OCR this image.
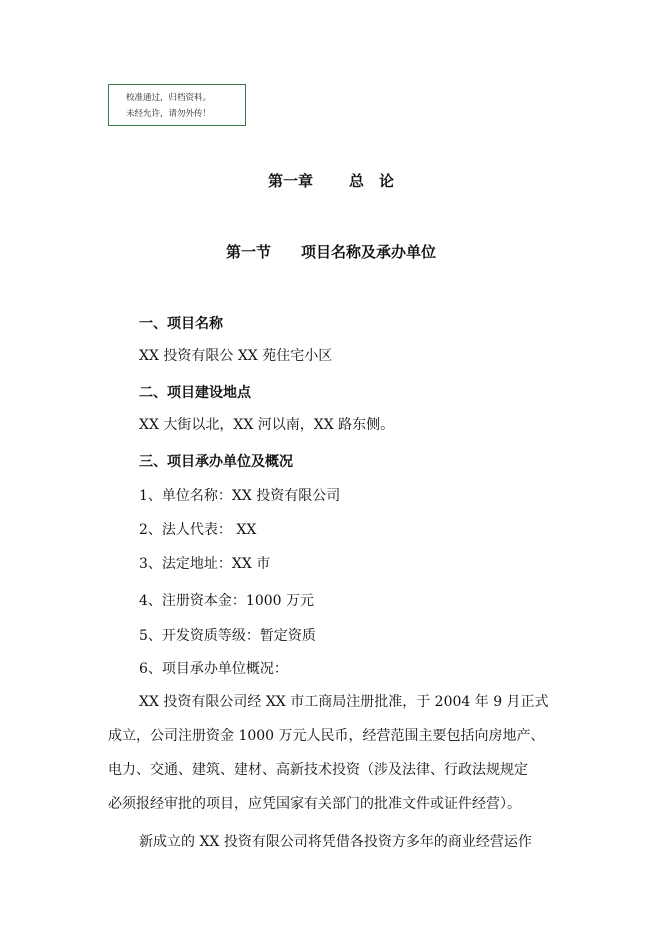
校准通过，归档资料。
未经允许，请勿外传！
第一章 总　论
第一节 项目名称及承办单位
一、项目名称
XX 投资有限公 XX 苑住宅小区
二、项目建设地点
XX 大街以北，XX 河以南，XX 路东侧。
三、项目承办单位及概况
1、单位名称：XX 投资有限公司
2、法人代表： XX
3、法定地址：XX 市
4、注册资本金：1000 万元
5、开发资质等级：暂定资质
6、项目承办单位概况：
XX 投资有限公司经 XX 市工商局注册批准，于 2004 年 9 月正式
成立，公司注册资金 1000 万元人民币，经营范围主要包括向房地产、
电力、交通、建筑、建材、高新技术投资（涉及法律、行政法规规定
必须报经审批的项目，应凭国家有关部门的批准文件或证件经营）。
新成立的 XX 投资有限公司将凭借各投资方多年的商业经营运作
